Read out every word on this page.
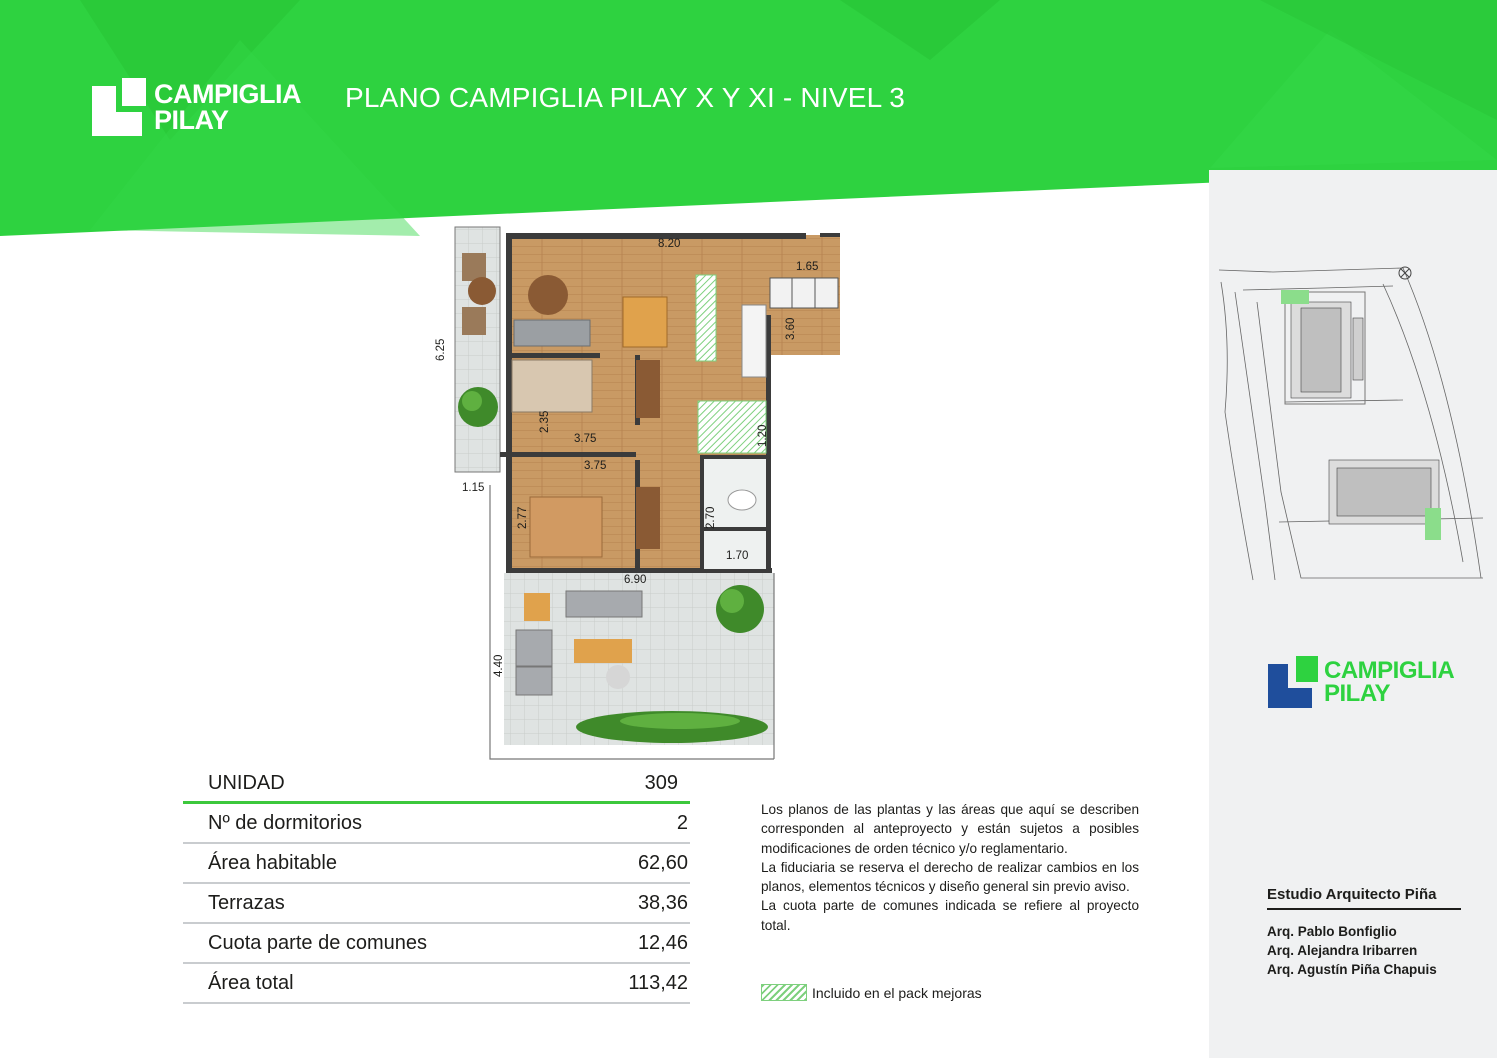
CAMPIGLIA
PILAY
PLANO CAMPIGLIA PILAY X Y XI - NIVEL 3
8.20
1.65
3.60
6.25
2.35
3.75
3.75
1.20
2.77	2.70
1.70
6.90
1.15
4.40
UNIDAD	309
Nº de dormitorios	2
Área habitable	62,60
Terrazas	38,36
Cuota parte de comunes	12,46
Área total	113,42

Los planos de las plantas y las áreas que aquí se describen corresponden al anteproyecto y están sujetos a posibles modificaciones de orden técnico y/o reglamentario.

La fiduciaria se reserva el derecho de realizar cambios en los planos, elementos técnicos y diseño general sin previo aviso.

La cuota parte de comunes indicada se refiere al proyecto total.

Incluido en el pack mejoras
CAMPIGLIA
PILAY
Estudio Arquitecto Piña
Arq. Pablo Bonfiglio
Arq. Alejandra Iribarren
Arq. Agustín Piña Chapuis
